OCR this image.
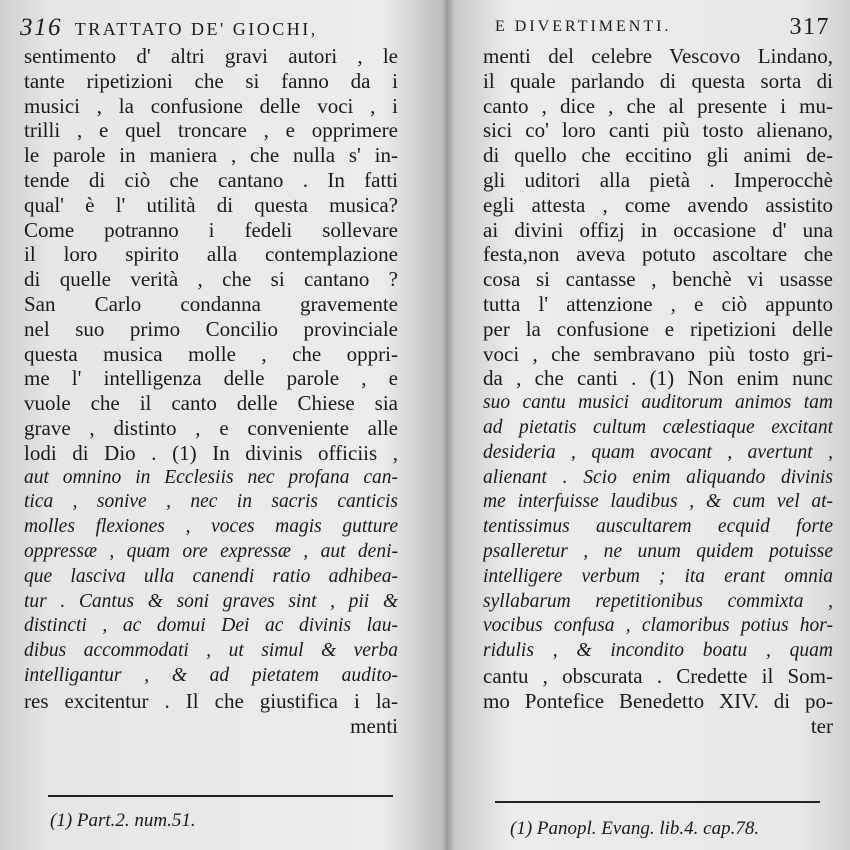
316 TRATTATO DE' GIOCHI,
sentimento d' altri gravi autori , le
tante ripetizioni che si fanno da i
musici , la confusione delle voci , i
trilli , e quel troncare , e opprimere
le parole in maniera , che nulla s' in-
tende di ciò che cantano . In fatti
qual' è l' utilità di questa musica?
Come potranno i fedeli sollevare
il loro spirito alla contemplazione
di quelle verità , che si cantano ?
San Carlo condanna gravemente
nel suo primo Concilio provinciale
questa musica molle , che oppri-
me l' intelligenza delle parole , e
vuole che il canto delle Chiese sia
grave , distinto , e conveniente alle
lodi di Dio . (1) In divinis officiis ,
aut omnino in Ecclesiis nec profana can-
tica , sonive , nec in sacris canticis
molles flexiones , voces magis gutture
oppressæ , quam ore expressæ , aut deni-
que lasciva ulla canendi ratio adhibea-
tur . Cantus & soni graves sint , pii &
distincti , ac domui Dei ac divinis lau-
dibus accommodati , ut simul & verba
intelligantur , & ad pietatem audito-
res excitentur . Il che giustifica i la-
menti
(1) Part.2. num.51.
E DIVERTIMENTI.	317
menti del celebre Vescovo Lindano,
il quale parlando di questa sorta di
canto , dice , che al presente i mu-
sici co' loro canti più tosto alienano,
di quello che eccitino gli animi de-
gli uditori alla pietà . Imperocchè
egli attesta , come avendo assistito
ai divini offizj in occasione d' una
festa,non aveva potuto ascoltare che
cosa si cantasse , benchè vi usasse
tutta l' attenzione , e ciò appunto
per la confusione e ripetizioni delle
voci , che sembravano più tosto gri-
da , che canti . (1) Non enim nunc
suo cantu musici auditorum animos tam
ad pietatis cultum cælestiaque excitant
desideria , quam avocant , avertunt ,
alienant . Scio enim aliquando divinis
me interfuisse laudibus , & cum vel at-
tentissimus auscultarem ecquid forte
psalleretur , ne unum quidem potuisse
intelligere verbum ; ita erant omnia
syllabarum repetitionibus commixta ,
vocibus confusa , clamoribus potius hor-
ridulis , & incondito boatu , quam
cantu , obscurata . Credette il Som-
mo Pontefice Benedetto XIV. di po-
ter
(1) Panopl. Evang. lib.4. cap.78.
